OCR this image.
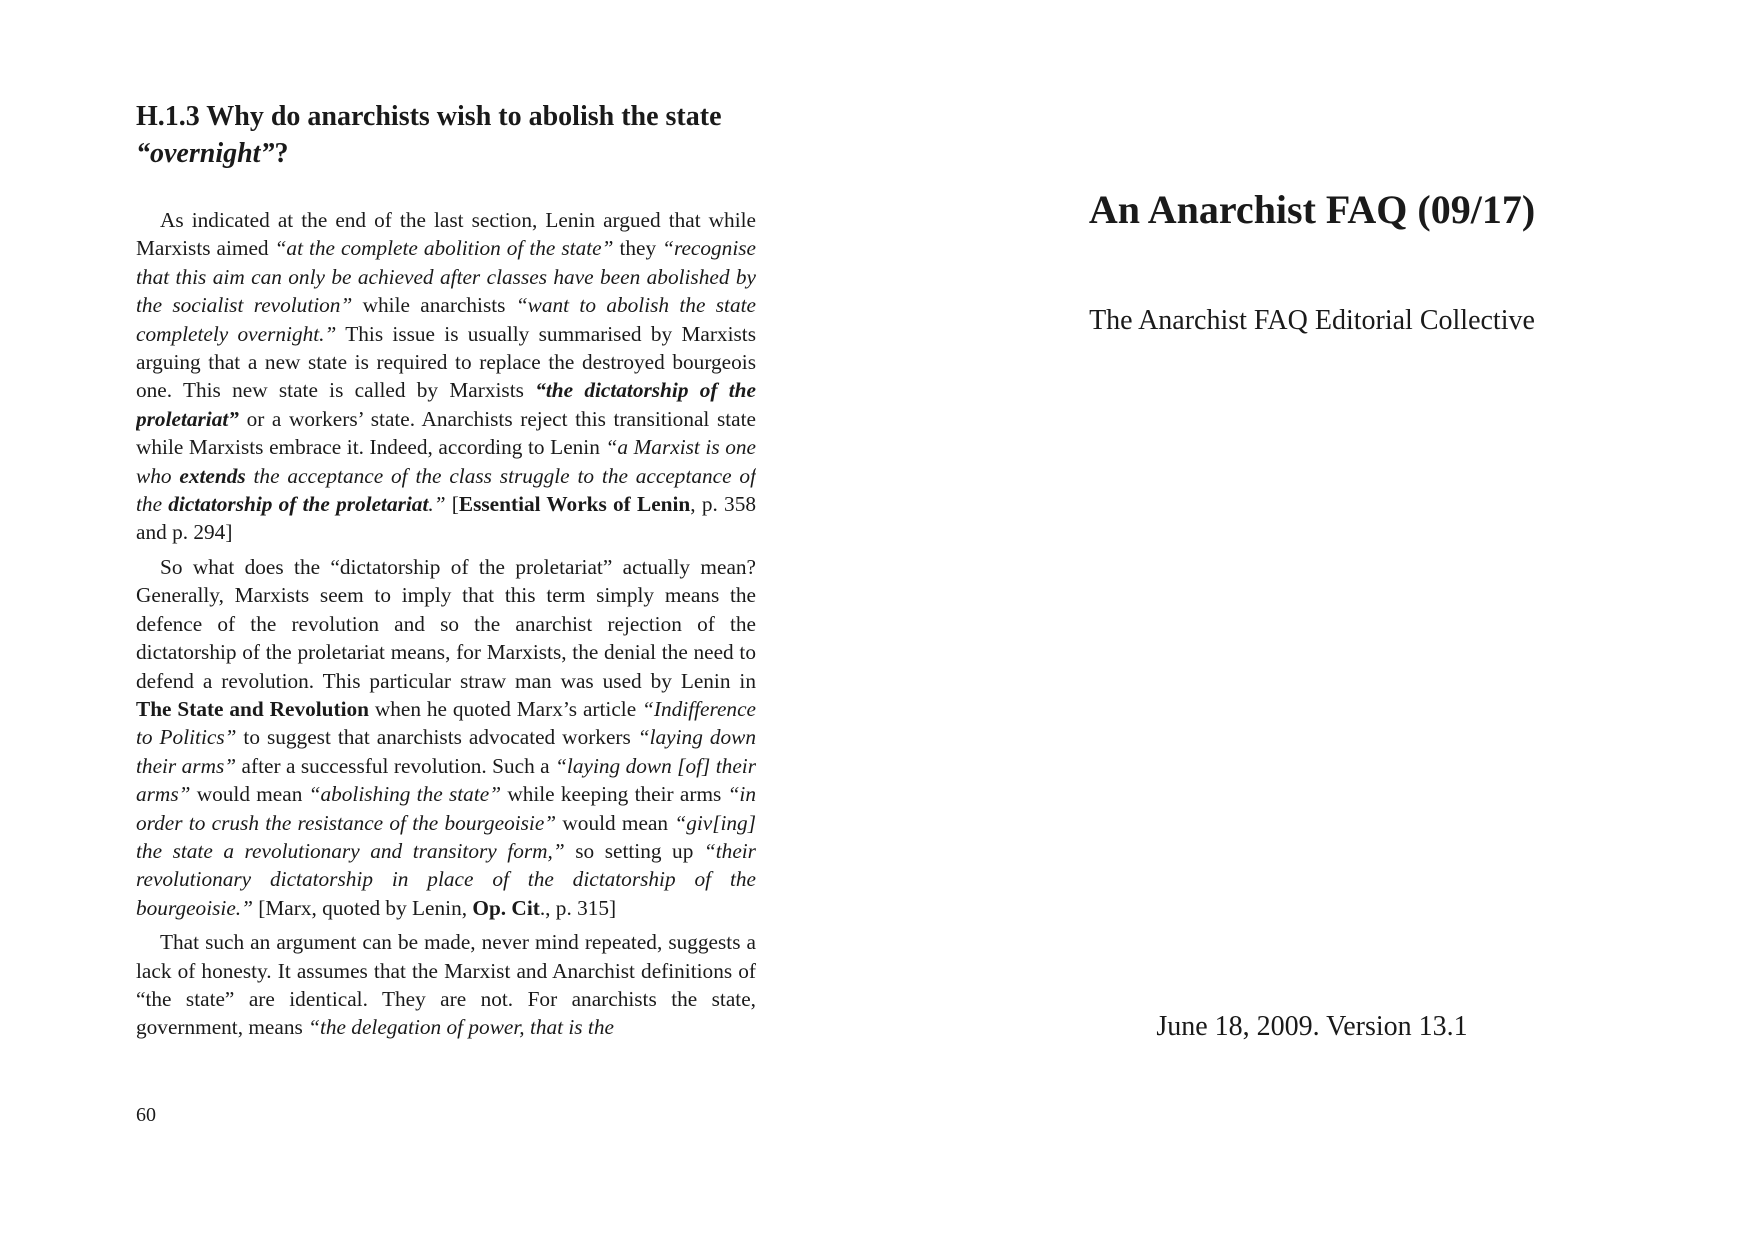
H.1.3 Why do anarchists wish to abolish the state “overnight”?

As indicated at the end of the last section, Lenin argued that while Marxists aimed “at the complete abolition of the state” they “recognise that this aim can only be achieved after classes have been abolished by the socialist revolution” while anarchists “want to abolish the state completely overnight.” This issue is usually summarised by Marxists arguing that a new state is required to replace the destroyed bourgeois one. This new state is called by Marxists “the dictatorship of the proletariat” or a workers’ state. Anarchists reject this transitional state while Marxists embrace it. Indeed, according to Lenin “a Marxist is one who extends the acceptance of the class struggle to the acceptance of the dictatorship of the proletariat.” [Essential Works of Lenin, p. 358 and p. 294]

So what does the “dictatorship of the proletariat” actually mean? Generally, Marxists seem to imply that this term simply means the defence of the revolution and so the anarchist rejection of the dictatorship of the proletariat means, for Marxists, the denial the need to defend a revolution. This particular straw man was used by Lenin in The State and Revolution when he quoted Marx’s article “Indifference to Politics” to suggest that anarchists advocated workers “laying down their arms” after a successful revolution. Such a “laying down [of] their arms” would mean “abolishing the state” while keeping their arms “in order to crush the resistance of the bourgeoisie” would mean “giv[ing] the state a revolutionary and transitory form,” so setting up “their revolutionary dictatorship in place of the dictatorship of the bourgeoisie.” [Marx, quoted by Lenin, Op. Cit., p. 315]

That such an argument can be made, never mind repeated, suggests a lack of honesty. It assumes that the Marxist and Anarchist definitions of “the state” are identical. They are not. For anarchists the state, government, means “the delegation of power, that is the

60
An Anarchist FAQ (09/17)
The Anarchist FAQ Editorial Collective
June 18, 2009. Version 13.1
